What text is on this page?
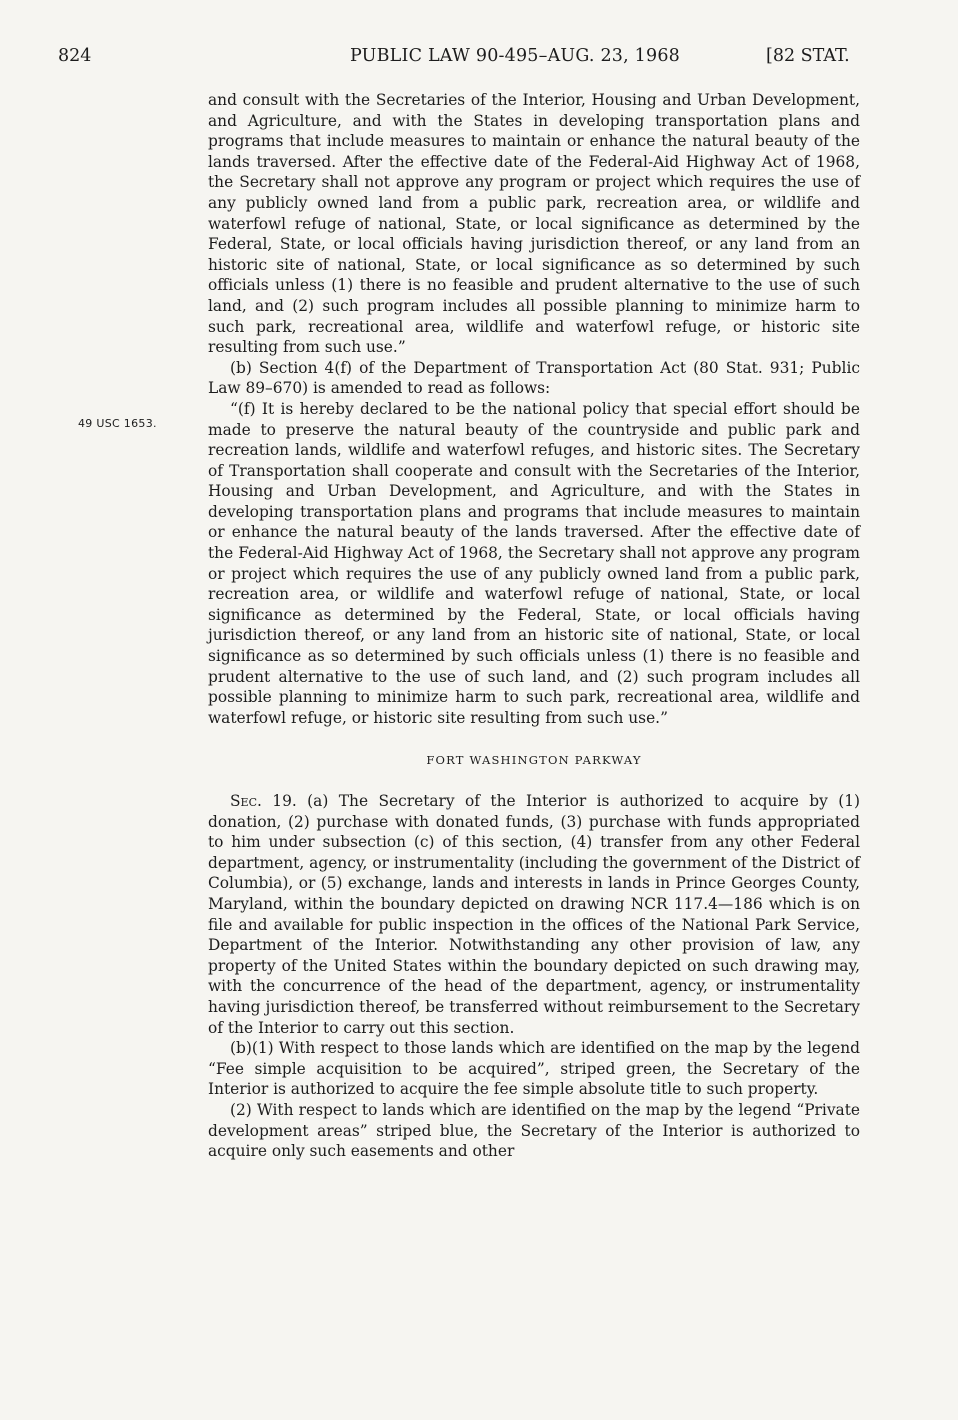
824	PUBLIC LAW 90-495–AUG. 23, 1968	[82 STAT.
49 USC 1653.

and consult with the Secretaries of the Interior, Housing and Urban Development, and Agriculture, and with the States in developing transportation plans and programs that include measures to maintain or enhance the natural beauty of the lands traversed. After the effective date of the Federal-Aid Highway Act of 1968, the Secretary shall not approve any program or project which requires the use of any publicly owned land from a public park, recreation area, or wildlife and waterfowl refuge of national, State, or local significance as determined by the Federal, State, or local officials having jurisdiction thereof, or any land from an historic site of national, State, or local significance as so determined by such officials unless (1) there is no feasible and prudent alternative to the use of such land, and (2) such program includes all possible planning to minimize harm to such park, recreational area, wildlife and waterfowl refuge, or historic site resulting from such use.”

(b) Section 4(f) of the Department of Transportation Act (80 Stat. 931; Public Law 89–670) is amended to read as follows:

“(f) It is hereby declared to be the national policy that special effort should be made to preserve the natural beauty of the countryside and public park and recreation lands, wildlife and waterfowl refuges, and historic sites. The Secretary of Transportation shall cooperate and consult with the Secretaries of the Interior, Housing and Urban Development, and Agriculture, and with the States in developing transportation plans and programs that include measures to maintain or enhance the natural beauty of the lands traversed. After the effective date of the Federal-Aid Highway Act of 1968, the Secretary shall not approve any program or project which requires the use of any publicly owned land from a public park, recreation area, or wildlife and waterfowl refuge of national, State, or local significance as determined by the Federal, State, or local officials having jurisdiction thereof, or any land from an historic site of national, State, or local significance as so determined by such officials unless (1) there is no feasible and prudent alternative to the use of such land, and (2) such program includes all possible planning to minimize harm to such park, recreational area, wildlife and waterfowl refuge, or historic site resulting from such use.”

FORT WASHINGTON PARKWAY

Sec. 19. (a) The Secretary of the Interior is authorized to acquire by (1) donation, (2) purchase with donated funds, (3) purchase with funds appropriated to him under subsection (c) of this section, (4) transfer from any other Federal department, agency, or instrumentality (including the government of the District of Columbia), or (5) exchange, lands and interests in lands in Prince Georges County, Maryland, within the boundary depicted on drawing NCR 117.4—186 which is on file and available for public inspection in the offices of the National Park Service, Department of the Interior. Notwithstanding any other provision of law, any property of the United States within the boundary depicted on such drawing may, with the concurrence of the head of the department, agency, or instrumentality having jurisdiction thereof, be transferred without reimbursement to the Secretary of the Interior to carry out this section.

(b)(1) With respect to those lands which are identified on the map by the legend “Fee simple acquisition to be acquired”, striped green, the Secretary of the Interior is authorized to acquire the fee simple absolute title to such property.

(2) With respect to lands which are identified on the map by the legend “Private development areas” striped blue, the Secretary of the Interior is authorized to acquire only such easements and other
